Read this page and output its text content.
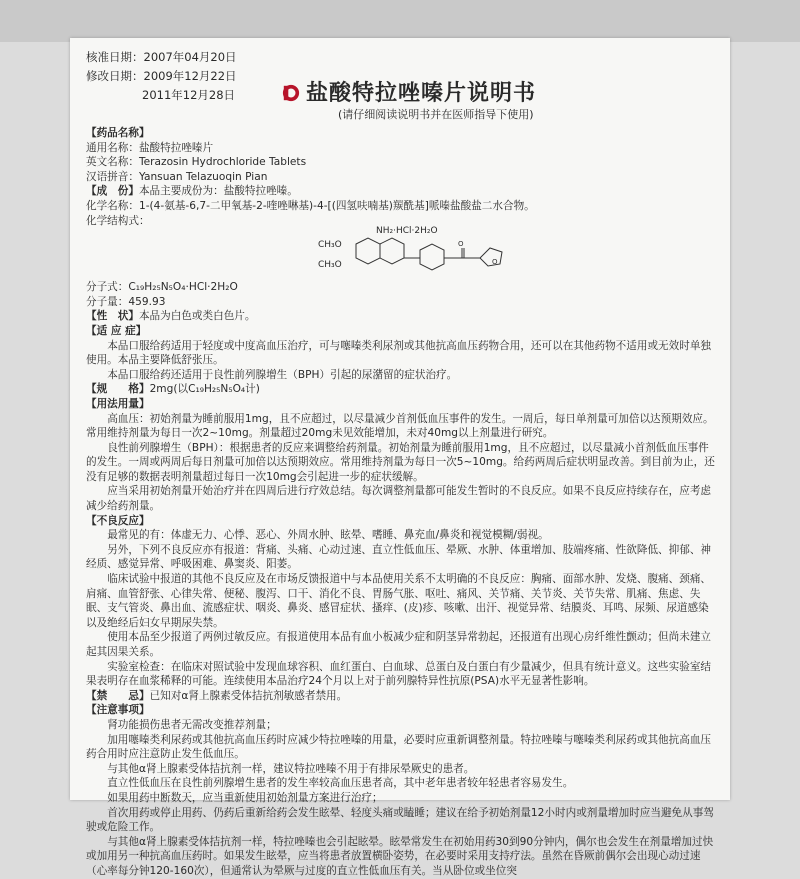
核准日期：2007年04月20日
修改日期：2009年12月22日
2011年12月28日	盐酸特拉唑嗪片说明书
(请仔细阅读说明书并在医师指导下使用)
【药品名称】
通用名称：盐酸特拉唑嗪片
英文名称：Terazosin Hydrochloride Tablets
汉语拼音：Yansuan Telazuoqin Pian
【成　份】本品主要成份为：盐酸特拉唑嗪。
化学名称：1-(4-氨基-6,7-二甲氧基-2-喹唑啉基)-4-[(四氢呋喃基)羰酰基]哌嗪盐酸盐二水合物。
化学结构式：
NH₂·HCl·2H₂O
CH₃O
CH₃O
O
O
分子式：C₁₉H₂₅N₅O₄·HCl·2H₂O
分子量：459.93
【性　状】本品为白色或类白色片。
【适 应 症】
本品口服给药适用于轻度或中度高血压治疗，可与噻嗪类利尿剂或其他抗高血压药物合用，还可以在其他药物不适用或无效时单独使用。本品主要降低舒张压。
本品口服给药还适用于良性前列腺增生（BPH）引起的尿潴留的症状治疗。
【规　　格】2mg(以C₁₉H₂₅N₅O₄计)
【用法用量】
高血压：初始剂量为睡前服用1mg，且不应超过，以尽量减少首剂低血压事件的发生。一周后，每日单剂量可加倍以达预期效应。常用维持剂量为每日一次2~10mg。剂量超过20mg未见效能增加，未对40mg以上剂量进行研究。
良性前列腺增生（BPH）：根据患者的反应来调整给药剂量。初始剂量为睡前服用1mg，且不应超过，以尽量减小首剂低血压事件的发生。一周或两周后每日剂量可加倍以达预期效应。常用维持剂量为每日一次5~10mg。给药两周后症状明显改善。到目前为止，还没有足够的数据表明剂量超过每日一次10mg会引起进一步的症状缓解。
应当采用初始剂量开始治疗并在四周后进行疗效总结。每次调整剂量都可能发生暂时的不良反应。如果不良反应持续存在，应考虑减少给药剂量。
【不良反应】
最常见的有：体虚无力、心悸、恶心、外周水肿、眩晕、嗜睡、鼻充血/鼻炎和视觉模糊/弱视。
另外，下列不良反应亦有报道：背痛、头痛、心动过速、直立性低血压、晕厥、水肿、体重增加、肢端疼痛、性欲降低、抑郁、神经质、感觉异常、呼吸困难、鼻窦炎、阳萎。
临床试验中报道的其他不良反应及在市场反馈报道中与本品使用关系不太明确的不良反应：胸痛、面部水肿、发烧、腹痛、颈痛、肩痛、血管舒张、心律失常、便秘、腹泻、口干、消化不良、胃肠气胀、呕吐、痛风、关节痛、关节炎、关节失常、肌痛、焦虑、失眠、支气管炎、鼻出血、流感症状、咽炎、鼻炎、感冒症状、搔痒、(皮)疹、咳嗽、出汗、视觉异常、结膜炎、耳鸣、尿频、尿道感染以及绝经后妇女早期尿失禁。
使用本品至少报道了两例过敏反应。有报道使用本品有血小板减少症和阴茎异常勃起，还报道有出现心房纤维性颤动；但尚未建立起其因果关系。
实验室检查：在临床对照试验中发现血球容积、血红蛋白、白血球、总蛋白及白蛋白有少量减少，但具有统计意义。这些实验室结果表明存在血浆稀释的可能。连续使用本品治疗24个月以上对于前列腺特异性抗原(PSA)水平无显著性影响。
【禁　　忌】已知对α肾上腺素受体拮抗剂敏感者禁用。
【注意事项】
肾功能损伤患者无需改变推荐剂量；
加用噻嗪类利尿药或其他抗高血压药时应减少特拉唑嗪的用量，必要时应重新调整剂量。特拉唑嗪与噻嗪类利尿药或其他抗高血压药合用时应注意防止发生低血压。
与其他α肾上腺素受体拮抗剂一样，建议特拉唑嗪不用于有排尿晕厥史的患者。
直立性低血压在良性前列腺增生患者的发生率较高血压患者高，其中老年患者较年轻患者容易发生。
如果用药中断数天，应当重新使用初始剂量方案进行治疗；
首次用药或停止用药、仍药后重新给药会发生眩晕、轻度头痛或瞌睡；建议在给予初始剂量12小时内或剂量增加时应当避免从事驾驶或危险工作。
与其他α肾上腺素受体拮抗剂一样，特拉唑嗪也会引起眩晕。眩晕常发生在初始用药30到90分钟内，偶尔也会发生在剂量增加过快或加用另一种抗高血压药时。如果发生眩晕，应当将患者放置横卧姿势，在必要时采用支持疗法。虽然在昏厥前偶尔会出现心动过速（心率每分钟120-160次），但通常认为晕厥与过度的直立性低血压有关。当从卧位或坐位突
